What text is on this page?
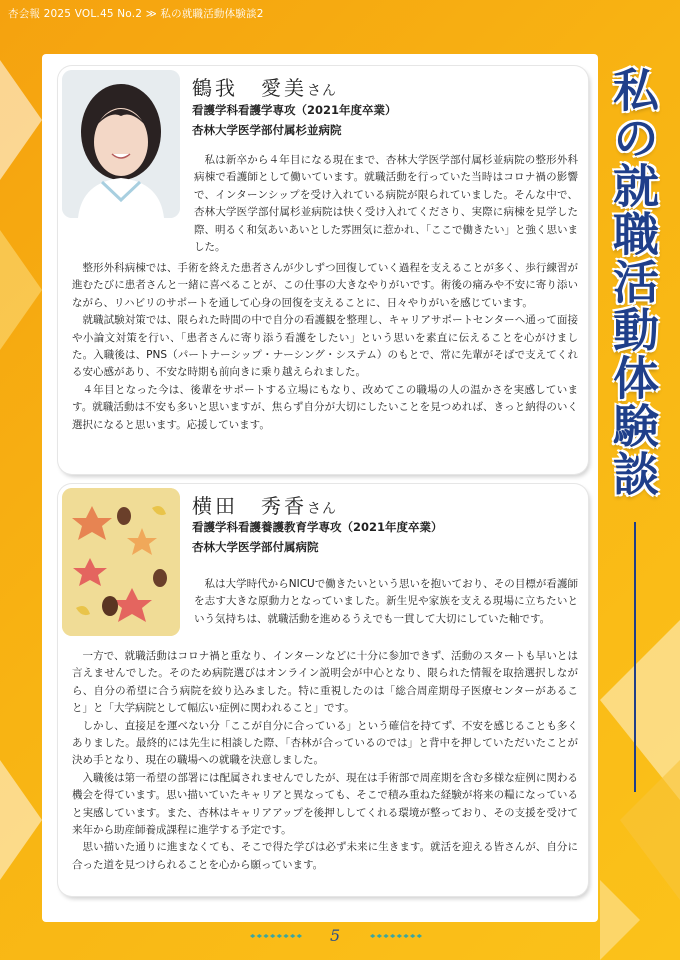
杏会報 2025 VOL.45 No.2 ≫ 私の就職活動体験談2
鶴我　愛美さん
看護学科看護学専攻（2021年度卒業）
杏林大学医学部付属杉並病院

私は新卒から４年目になる現在まで、杏林大学医学部付属杉並病院の整形外科病棟で看護師として働いています。就職活動を行っていた当時はコロナ禍の影響で、インターンシップを受け入れている病院が限られていました。そんな中で、杏林大学医学部付属杉並病院は快く受け入れてくださり、実際に病棟を見学した際、明るく和気あいあいとした雰囲気に惹かれ、「ここで働きたい」と強く思いました。

整形外科病棟では、手術を終えた患者さんが少しずつ回復していく過程を支えることが多く、歩行練習が進むたびに患者さんと一緒に喜べることが、この仕事の大きなやりがいです。術後の痛みや不安に寄り添いながら、リハビリのサポートを通して心身の回復を支えることに、日々やりがいを感じています。

就職試験対策では、限られた時間の中で自分の看護観を整理し、キャリアサポートセンターへ通って面接や小論文対策を行い、「患者さんに寄り添う看護をしたい」という思いを素直に伝えることを心がけました。入職後は、PNS（パートナーシップ・ナーシング・システム）のもとで、常に先輩がそばで支えてくれる安心感があり、不安な時期も前向きに乗り越えられました。

４年目となった今は、後輩をサポートする立場にもなり、改めてこの職場の人の温かさを実感しています。就職活動は不安も多いと思いますが、焦らず自分が大切にしたいことを見つめれば、きっと納得のいく選択になると思います。応援しています。

横田　秀香さん
看護学科看護養護教育学専攻（2021年度卒業）
杏林大学医学部付属病院

私は大学時代からNICUで働きたいという思いを抱いており、その目標が看護師を志す大きな原動力となっていました。新生児や家族を支える現場に立ちたいという気持ちは、就職活動を進めるうえでも一貫して大切にしていた軸です。

一方で、就職活動はコロナ禍と重なり、インターンなどに十分に参加できず、活動のスタートも早いとは言えませんでした。そのため病院選びはオンライン説明会が中心となり、限られた情報を取捨選択しながら、自分の希望に合う病院を絞り込みました。特に重視したのは「総合周産期母子医療センターがあること」と「大学病院として幅広い症例に関われること」です。

しかし、直接足を運べない分「ここが自分に合っている」という確信を持てず、不安を感じることも多くありました。最終的には先生に相談した際、「杏林が合っているのでは」と背中を押していただいたことが決め手となり、現在の職場への就職を決意しました。

入職後は第一希望の部署には配属されませんでしたが、現在は手術部で周産期を含む多様な症例に関わる機会を得ています。思い描いていたキャリアと異なっても、そこで積み重ねた経験が将来の糧になっていると実感しています。また、杏林はキャリアアップを後押ししてくれる環境が整っており、その支援を受けて来年から助産師養成課程に進学する予定です。

思い描いた通りに進まなくても、そこで得た学びは必ず未来に生きます。就活を迎える皆さんが、自分に合った道を見つけられることを心から願っています。

私の就職活動体験談
5
